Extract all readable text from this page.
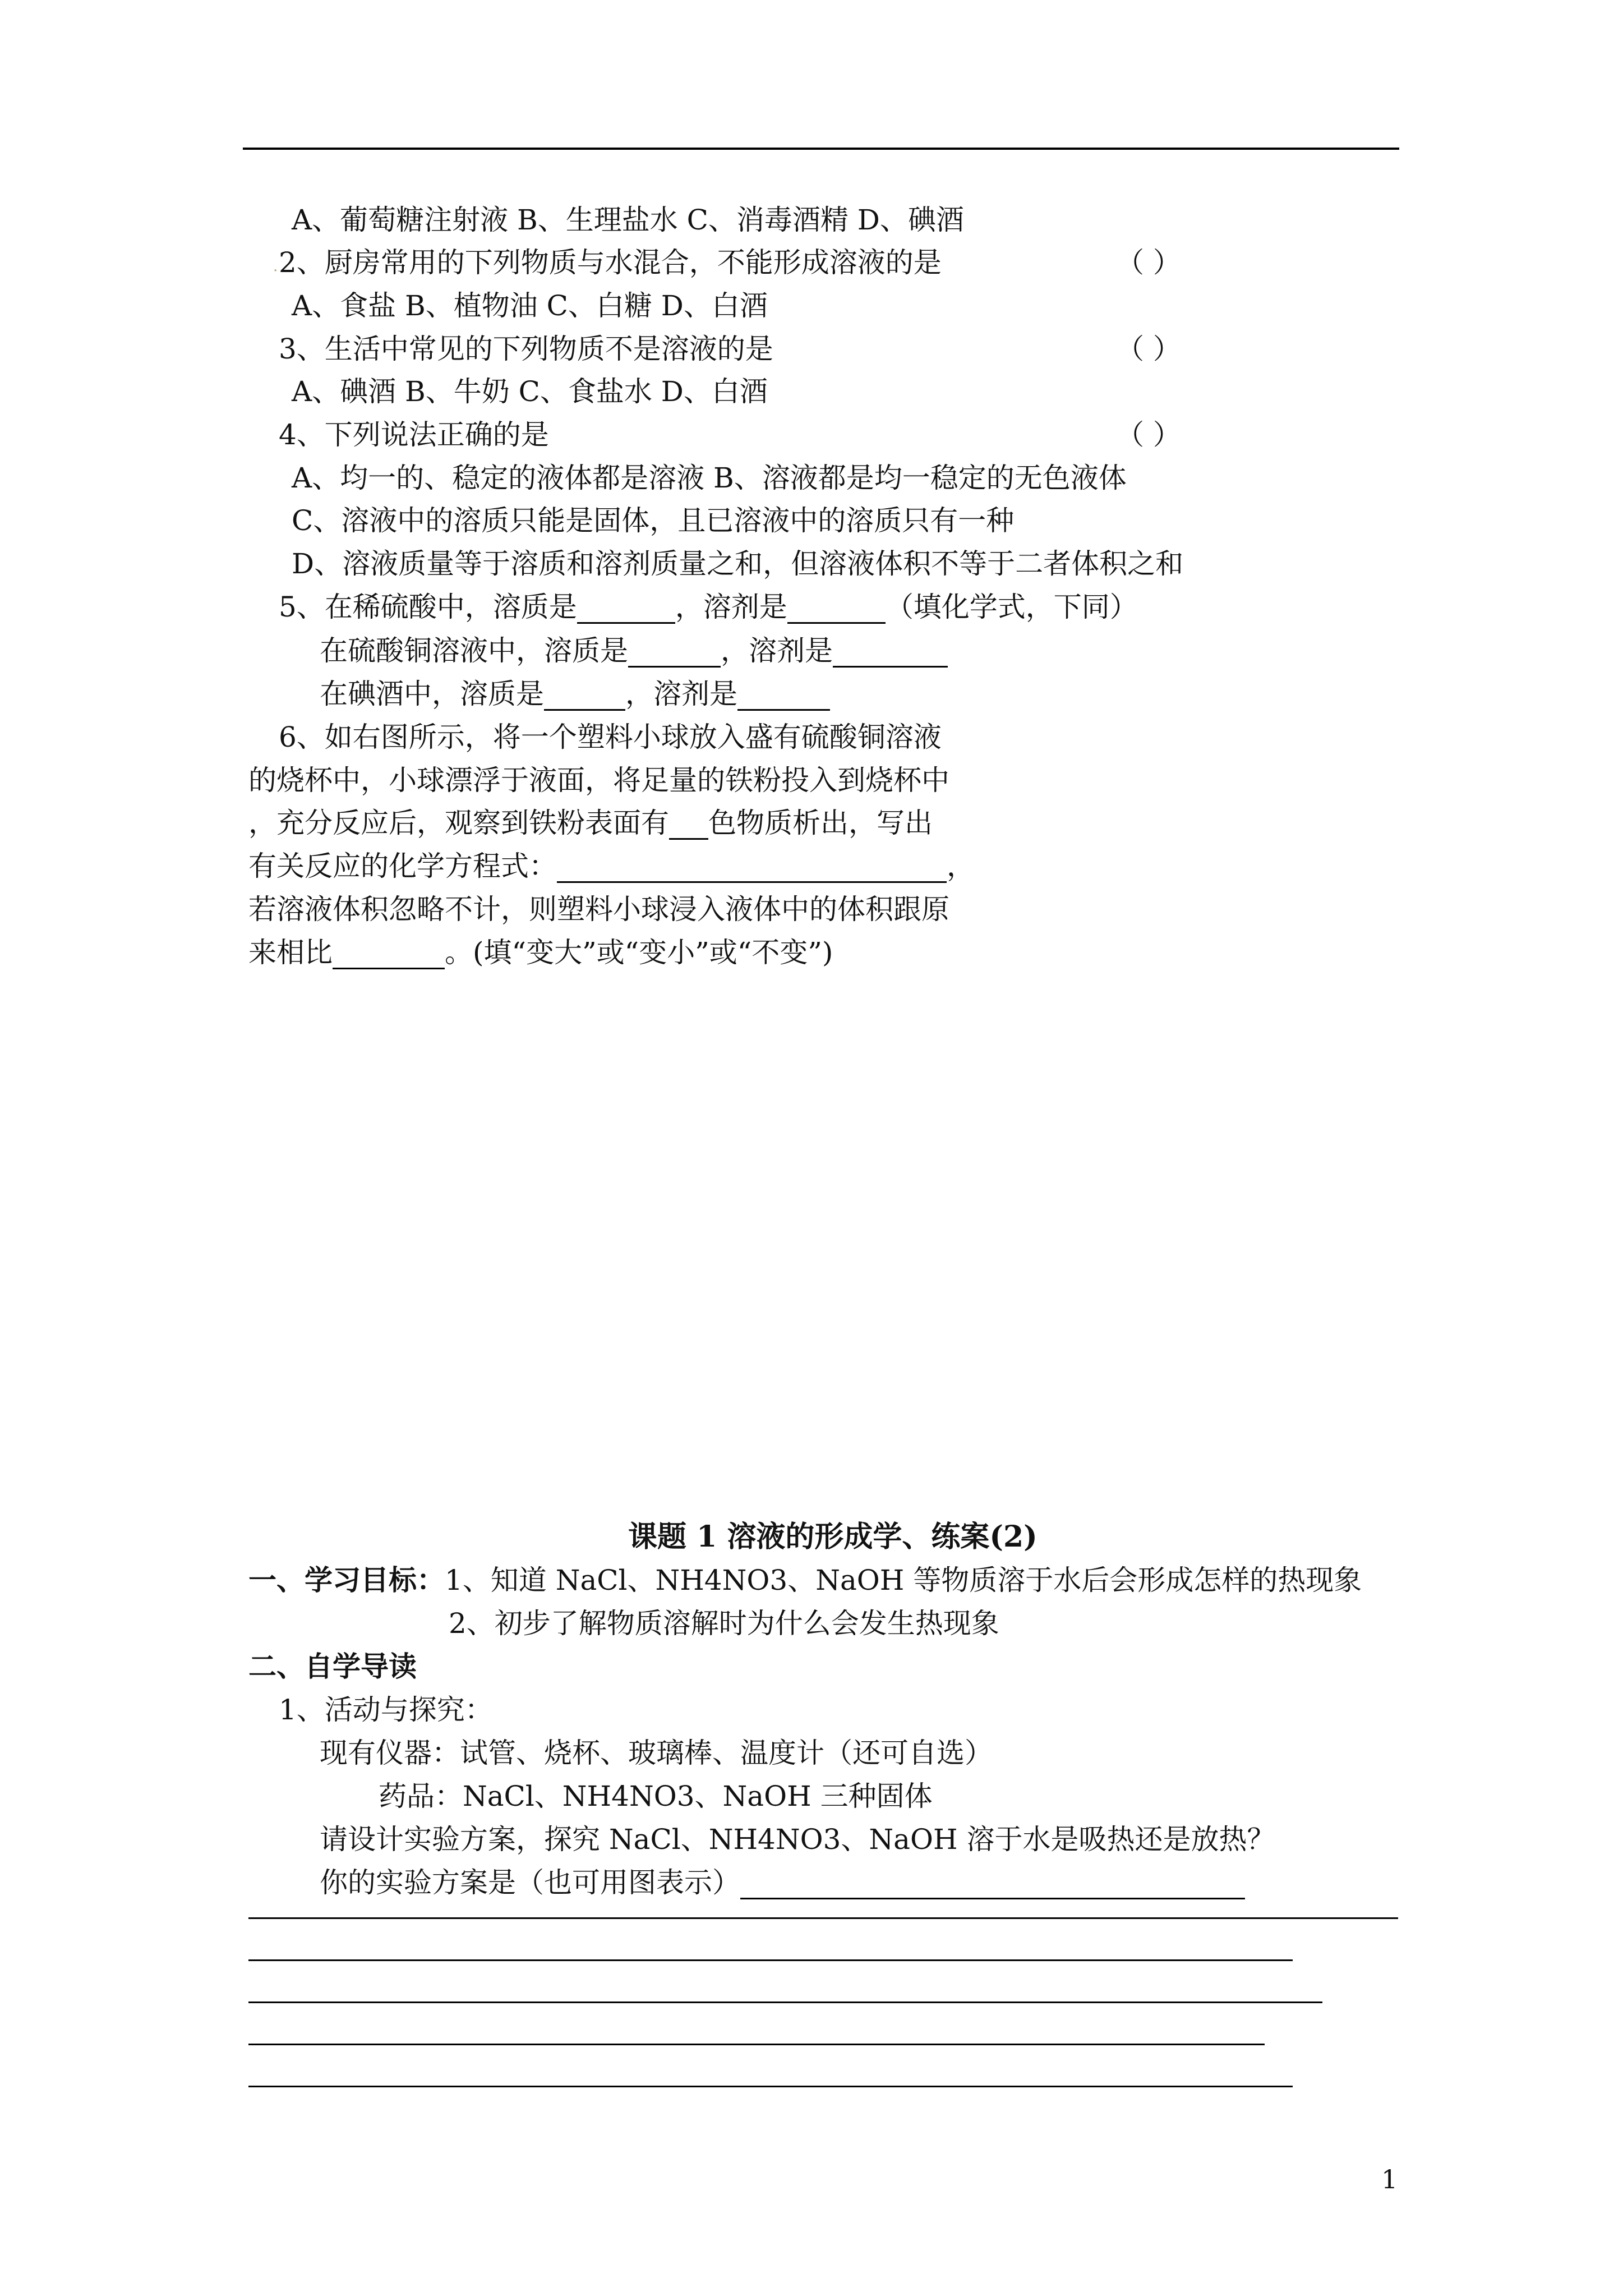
A、葡萄糖注射液 B、生理盐水 C、消毒酒精 D、碘酒
. 2、厨房常用的下列物质与水混合，不能形成溶液的是	（ ）
A、食盐 B、植物油 C、白糖 D、白酒
3、生活中常见的下列物质不是溶液的是	（ ）
A、碘酒 B、牛奶 C、食盐水 D、白酒
4、下列说法正确的是	（ ）
A、均一的、稳定的液体都是溶液 B、溶液都是均一稳定的无色液体
C、溶液中的溶质只能是固体，且已溶液中的溶质只有一种
D、溶液质量等于溶质和溶剂质量之和，但溶液体积不等于二者体积之和
5、在稀硫酸中，溶质是	，溶剂是	（填化学式，下同）
在硫酸铜溶液中，溶质是	，溶剂是
在碘酒中，溶质是	，溶剂是
6、如右图所示，将一个塑料小球放入盛有硫酸铜溶液
的烧杯中，小球漂浮于液面，将足量的铁粉投入到烧杯中
，充分反应后，观察到铁粉表面有 色物质析出，写出
有关反应的化学方程式：	，
若溶液体积忽略不计，则塑料小球浸入液体中的体积跟原
来相比	。(填“变大”或“变小”或“不变”)
课题 1 溶液的形成学、练案(2)
一、学习目标：1、知道 NaCl、NH4NO3、NaOH 等物质溶于水后会形成怎样的热现象
2、初步了解物质溶解时为什么会发生热现象
二、自学导读
1、活动与探究：
现有仪器：试管、烧杯、玻璃棒、温度计（还可自选）
药品：NaCl、NH4NO3、NaOH 三种固体
请设计实验方案，探究 NaCl、NH4NO3、NaOH 溶于水是吸热还是放热？
你的实验方案是（也可用图表示）
1
